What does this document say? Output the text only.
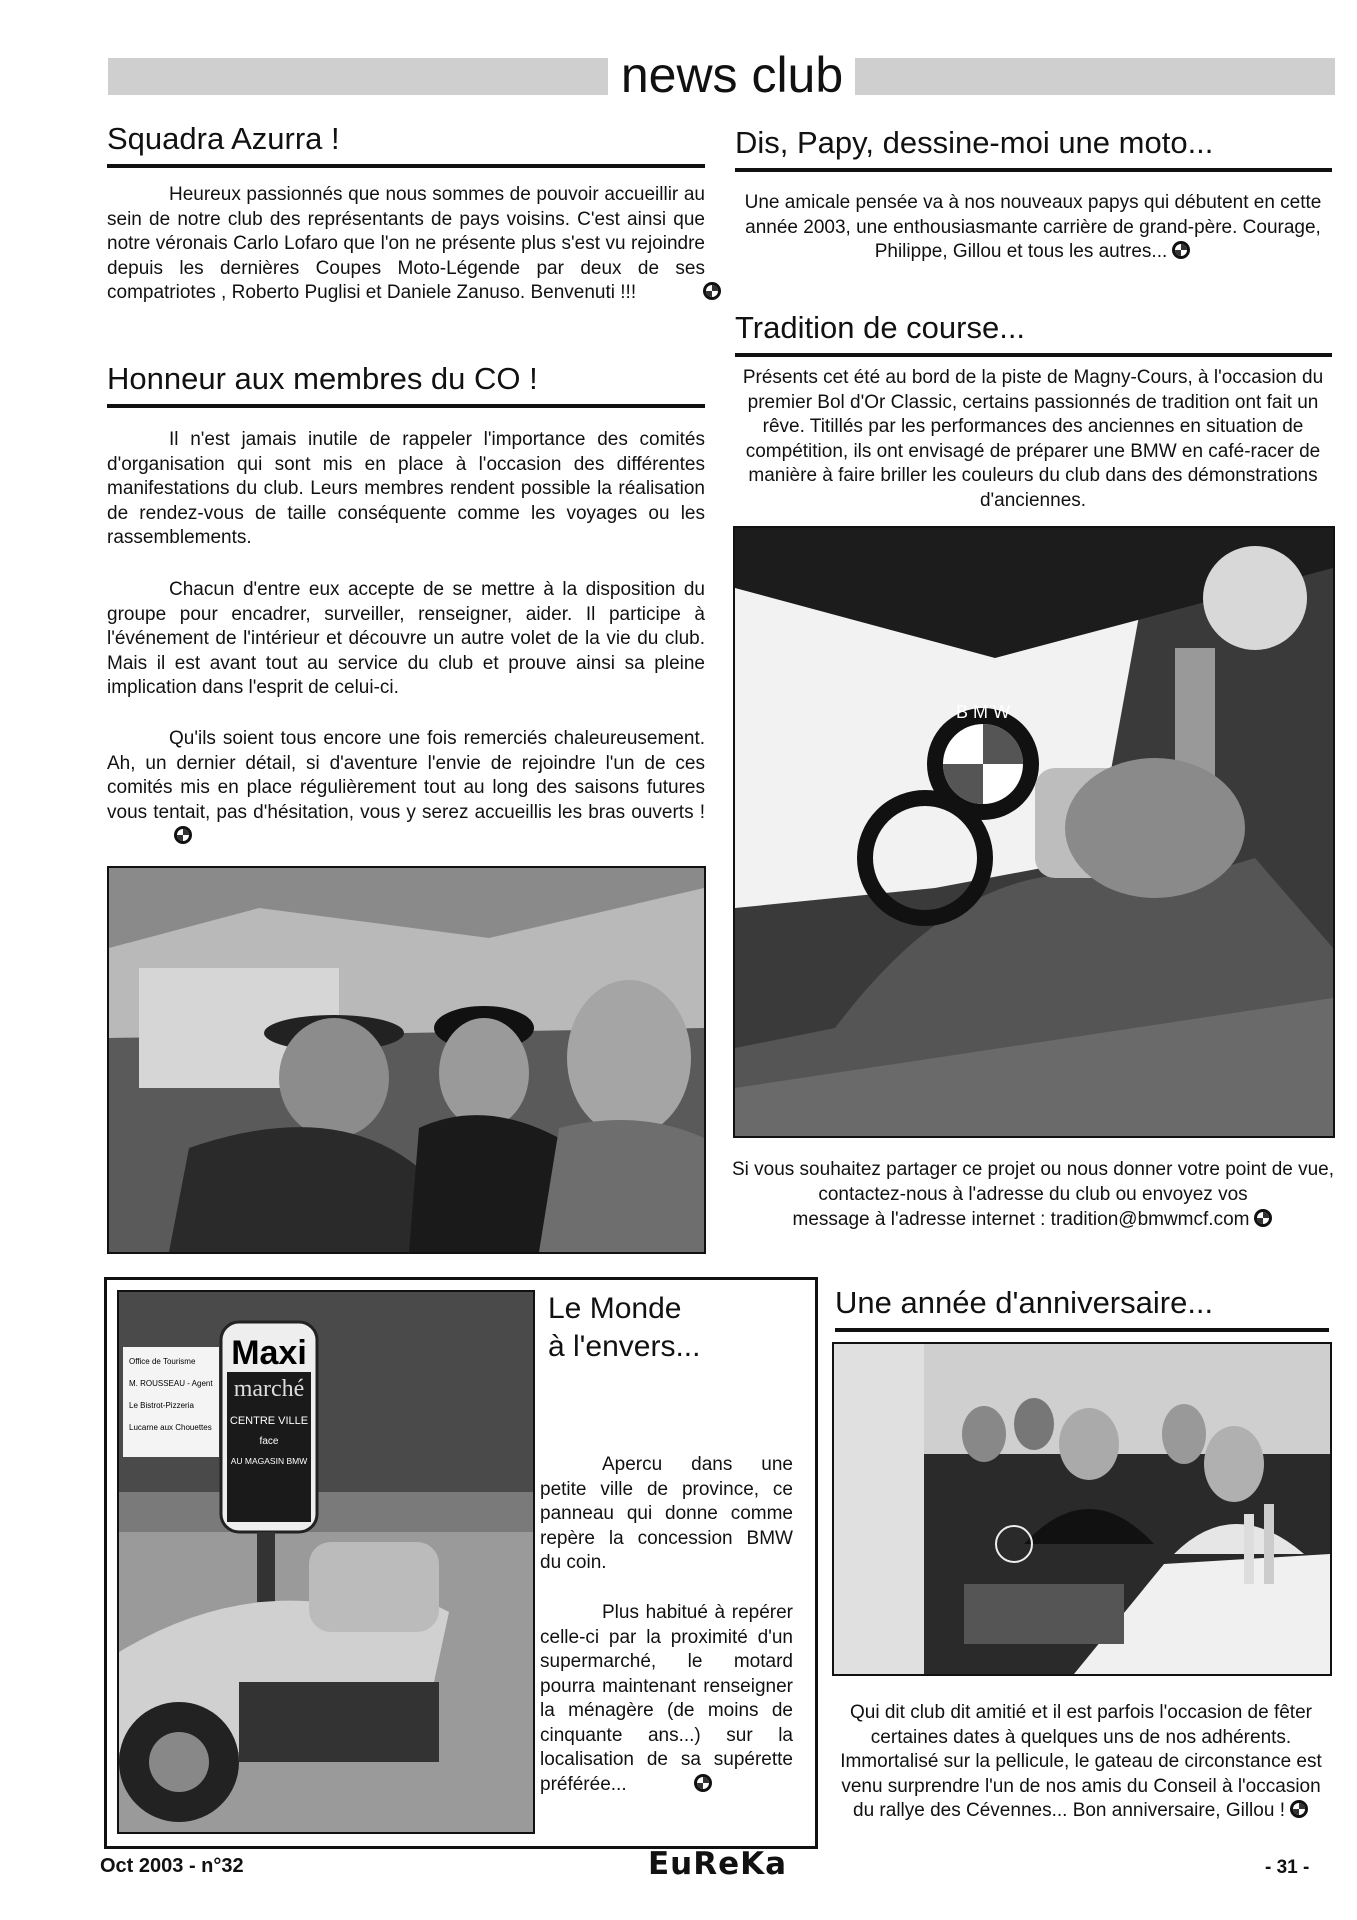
news club
Squadra Azurra !
Heureux passionnés que nous sommes de pouvoir accueillir au sein de notre club des représentants de pays voisins. C'est ainsi que notre véronais Carlo Lofaro que l'on ne présente plus s'est vu rejoindre depuis les dernières Coupes Moto-Légende par deux de ses compatriotes , Roberto Puglisi et Daniele Zanuso. Benvenuti !!!
Honneur aux membres du CO !
Il n'est jamais inutile de rappeler l'importance des comités d'organisation qui sont mis en place à l'occasion des différentes manifestations du club. Leurs membres rendent possible la réalisation de rendez-vous de taille conséquente comme les voyages ou les rassemblements.
Chacun d'entre eux accepte de se mettre à la disposition du groupe pour encadrer, surveiller, renseigner, aider. Il participe à l'événement de l'intérieur et découvre un autre volet de la vie du club. Mais il est avant tout au service du club et prouve ainsi sa pleine implication dans l'esprit de celui-ci.
Qu'ils soient tous encore une fois remerciés chaleureusement. Ah, un dernier détail, si d'aventure l'envie de rejoindre l'un de ces comités mis en place régulièrement tout au long des saisons futures vous tentait, pas d'hésitation, vous y serez accueillis les bras ouverts !
Dis, Papy, dessine-moi une moto...
Une amicale pensée va à nos nouveaux papys qui débutent en cette année 2003, une enthousiasmante carrière de grand-père. Courage, Philippe, Gillou et tous les autres...
Tradition de course...
Présents cet été au bord de la piste de Magny-Cours, à l'occasion du premier Bol d'Or Classic, certains passionnés de tradition ont fait un rêve. Titillés par les performances des anciennes en situation de compétition, ils ont envisagé de préparer une BMW en café-racer de manière à faire briller les couleurs du club dans des démonstrations d'anciennes.
B M W
Si vous souhaitez partager ce projet ou nous donner votre point de vue, contactez-nous à l'adresse du club ou envoyez vos
message à l'adresse internet : tradition@bmwmcf.com
Office de Tourisme
M. ROUSSEAU - Agent
Le Bistrot-Pizzeria
Lucarne aux Chouettes
Maxi
marché
CENTRE VILLE
face
AU MAGASIN BMW
Le Monde
à l'envers...
Apercu dans une petite ville de province, ce panneau qui donne comme repère la concession BMW du coin.
Plus habitué à repérer celle-ci par la proximité d'un supermarché, le motard pourra maintenant renseigner la ménagère (de moins de cinquante ans...) sur la localisation de sa supérette préférée...
Une année d'anniversaire...
Qui dit club dit amitié et il est parfois l'occasion de fêter certaines dates à quelques uns de nos adhérents. Immortalisé sur la pellicule, le gateau de circonstance est venu surprendre l'un de nos amis du Conseil à l'occasion du rallye des Cévennes... Bon anniversaire, Gillou !
Oct 2003 - n°32	EuReKa	- 31 -
